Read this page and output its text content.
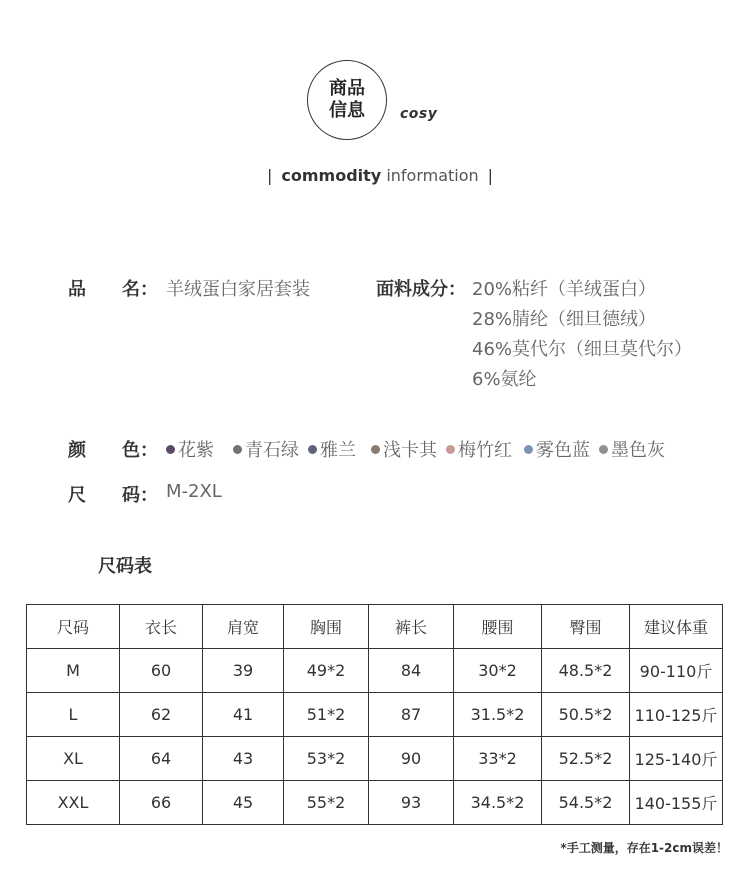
商品
信息	cosy
| commodity information |
品　　名： 羊绒蛋白家居套装	面料成分： 20%粘纤（羊绒蛋白）
28%腈纶（细旦德绒）
46%莫代尔（细旦莫代尔）
6%氨纶
颜　　色： 花紫 青石绿 雅兰 浅卡其 梅竹红 雾色蓝 墨色灰
尺　　码： M-2XL
尺码表
尺码	衣长	肩宽	胸围	裤长	腰围	臀围	建议体重
M	60	39	49*2	84	30*2	48.5*2	90-110斤
L	62	41	51*2	87	31.5*2	50.5*2	110-125斤
XL	64	43	53*2	90	33*2	52.5*2	125-140斤
XXL	66	45	55*2	93	34.5*2	54.5*2	140-155斤
*手工测量，存在1-2cm误差！
